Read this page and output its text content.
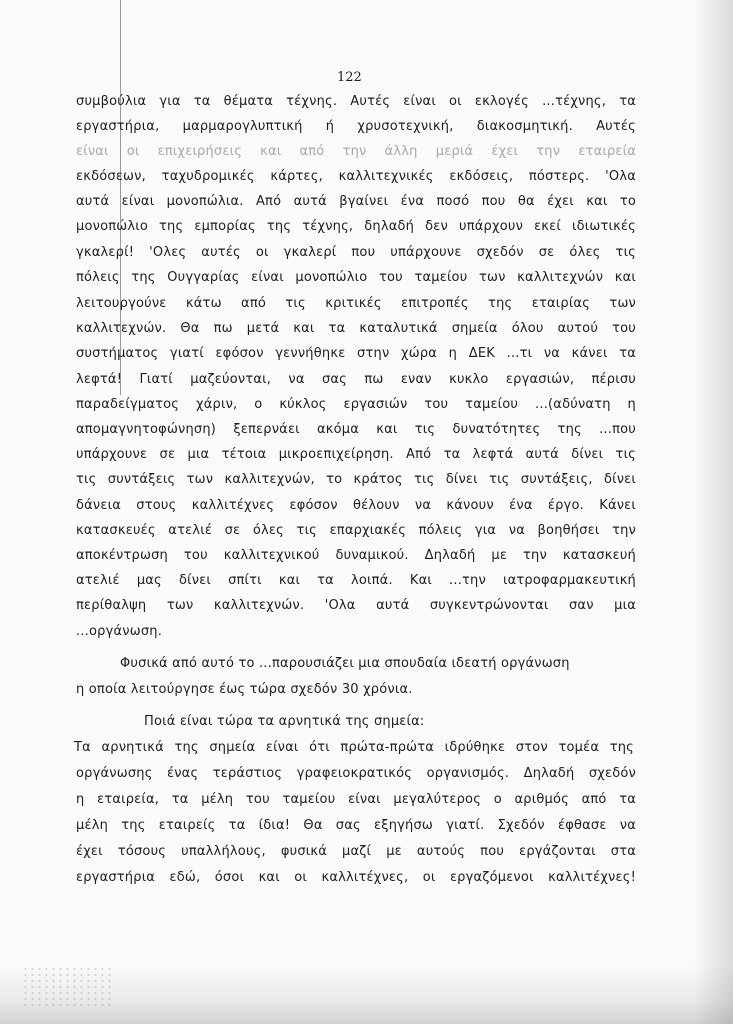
122
συμβούλια για τα θέματα τέχνης. Αυτές είναι οι εκλογές ...τέχνης, τα
εργαστήρια, μαρμαρογλυπτική ή χρυσοτεχνική, διακοσμητική. Αυτές
είναι οι επιχειρήσεις και από την άλλη μεριά έχει την εταιρεία
εκδόσεων, ταχυδρομικές κάρτες, καλλιτεχνικές εκδόσεις, πόστερς. 'Ολα
αυτά είναι μονοπώλια. Από αυτά βγαίνει ένα ποσό που θα έχει και το
μονοπώλιο της εμπορίας της τέχνης, δηλαδή δεν υπάρχουν εκεί ιδιωτικές
γκαλερί! 'Ολες αυτές οι γκαλερί που υπάρχουνε σχεδόν σε όλες τις
πόλεις της Ουγγαρίας είναι μονοπώλιο του ταμείου των καλλιτεχνών και
λειτουργούνε κάτω από τις κριτικές επιτροπές της εταιρίας των
καλλιτεχνών. Θα πω μετά και τα καταλυτικά σημεία όλου αυτού του
συστήματος γιατί εφόσον γεννήθηκε στην χώρα η ΔΕΚ ...τι να κάνει τα
λεφτά! Γιατί μαζεύονται, να σας πω εναν κυκλο εργασιών, πέρισυ
παραδείγματος χάριν, ο κύκλος εργασιών του ταμείου ...(αδύνατη η
απομαγνητοφώνηση) ξεπερνάει ακόμα και τις δυνατότητες της ...που
υπάρχουνε σε μια τέτοια μικροεπιχείρηση. Από τα λεφτά αυτά δίνει τις
τις συντάξεις των καλλιτεχνών, το κράτος τις δίνει τις συντάξεις, δίνει
δάνεια στους καλλιτέχνες εφόσον θέλουν να κάνουν ένα έργο. Κάνει
κατασκευές ατελιέ σε όλες τις επαρχιακές πόλεις για να βοηθήσει την
αποκέντρωση του καλλιτεχνικού δυναμικού. Δηλαδή με την κατασκευή
ατελιέ μας δίνει σπίτι και τα λοιπά. Και ...την ιατροφαρμακευτική
περίθαλψη των καλλιτεχνών. 'Ολα αυτά συγκεντρώνονται σαν μια
...οργάνωση.
Φυσικά από αυτό το ...παρουσιάζει μια σπουδαία ιδεατή οργάνωση
η οποία λειτούργησε έως τώρα σχεδόν 30 χρόνια.
Ποιά είναι τώρα τα αρνητικά της σημεία:
Τα αρνητικά της σημεία είναι ότι πρώτα-πρώτα ιδρύθηκε στον τομέα της
οργάνωσης ένας τεράστιος γραφειοκρατικός οργανισμός. Δηλαδή σχεδόν
η εταιρεία, τα μέλη του ταμείου είναι μεγαλύτερος ο αριθμός από τα
μέλη της εταιρείς τα ίδια! Θα σας εξηγήσω γιατί. Σχεδόν έφθασε να
έχει τόσους υπαλλήλους, φυσικά μαζί με αυτούς που εργάζονται στα
εργαστήρια εδώ, όσοι και οι καλλιτέχνες, οι εργαζόμενοι καλλιτέχνες!
